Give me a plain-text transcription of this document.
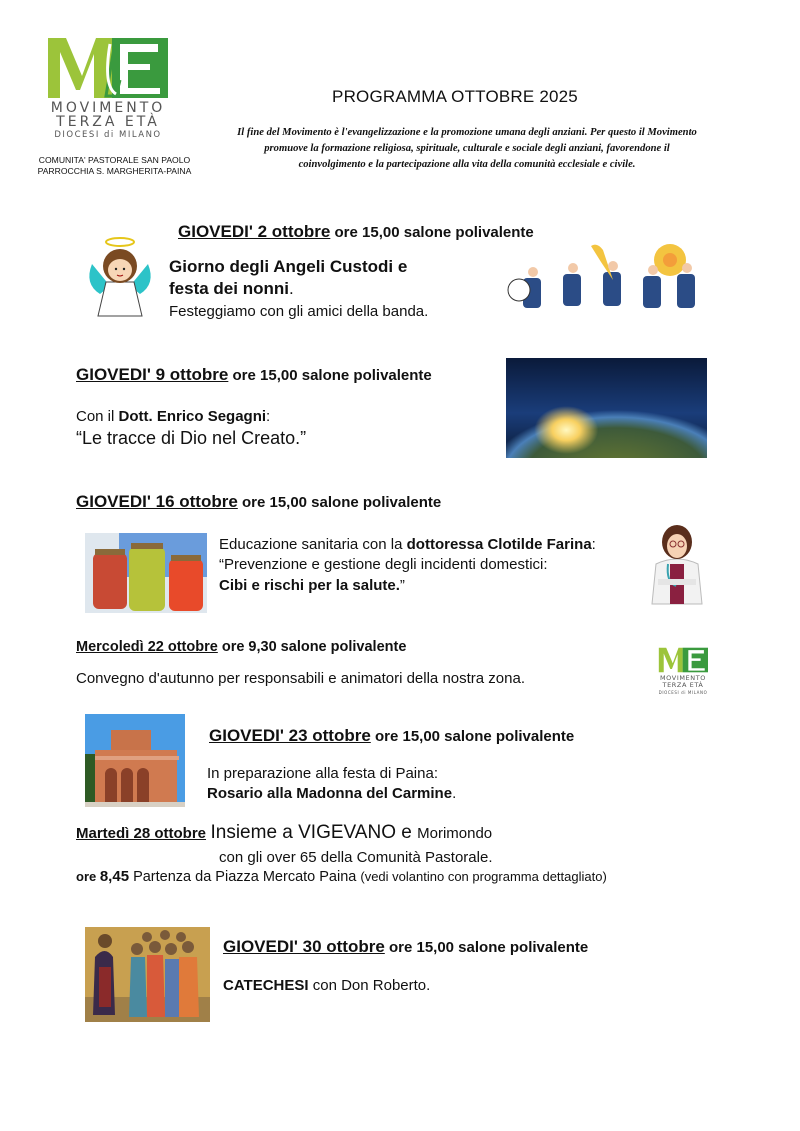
MOVIMENTO
TERZA ETÀ
DIOCESI di MILANO
COMUNITA' PASTORALE SAN PAOLO
PARROCCHIA S. MARGHERITA-PAINA
PROGRAMMA OTTOBRE 2025
Il fine del Movimento è l'evangelizzazione e la promozione umana degli anziani. Per questo il Movimento
promuove la formazione religiosa, spirituale, culturale e sociale degli anziani, favorendone il
coinvolgimento e la partecipazione alla vita della comunità ecclesiale e civile.
GIOVEDI' 2 ottobre ore 15,00 salone polivalente
Giorno degli Angeli Custodi e
festa dei nonni.
Festeggiamo con gli amici della banda.
GIOVEDI' 9 ottobre ore 15,00 salone polivalente
Con il Dott. Enrico Segagni:
“Le tracce di Dio nel Creato.”
GIOVEDI' 16 ottobre ore 15,00 salone polivalente
Educazione sanitaria con la dottoressa Clotilde Farina:
“Prevenzione e gestione degli incidenti domestici:
Cibi e rischi per la salute.”
Mercoledì 22 ottobre ore 9,30 salone polivalente
Convegno d'autunno per responsabili e animatori della nostra zona.	MOVIMENTO
TERZA ETÀ
DIOCESI di MILANO
GIOVEDI' 23 ottobre ore 15,00 salone polivalente
In preparazione alla festa di Paina:
Rosario alla Madonna del Carmine.
Martedì 28 ottobre Insieme a VIGEVANO e Morimondo
con gli over 65 della Comunità Pastorale.
ore 8,45 Partenza da Piazza Mercato Paina (vedi volantino con programma dettagliato)
GIOVEDI' 30 ottobre ore 15,00 salone polivalente
CATECHESI con Don Roberto.
